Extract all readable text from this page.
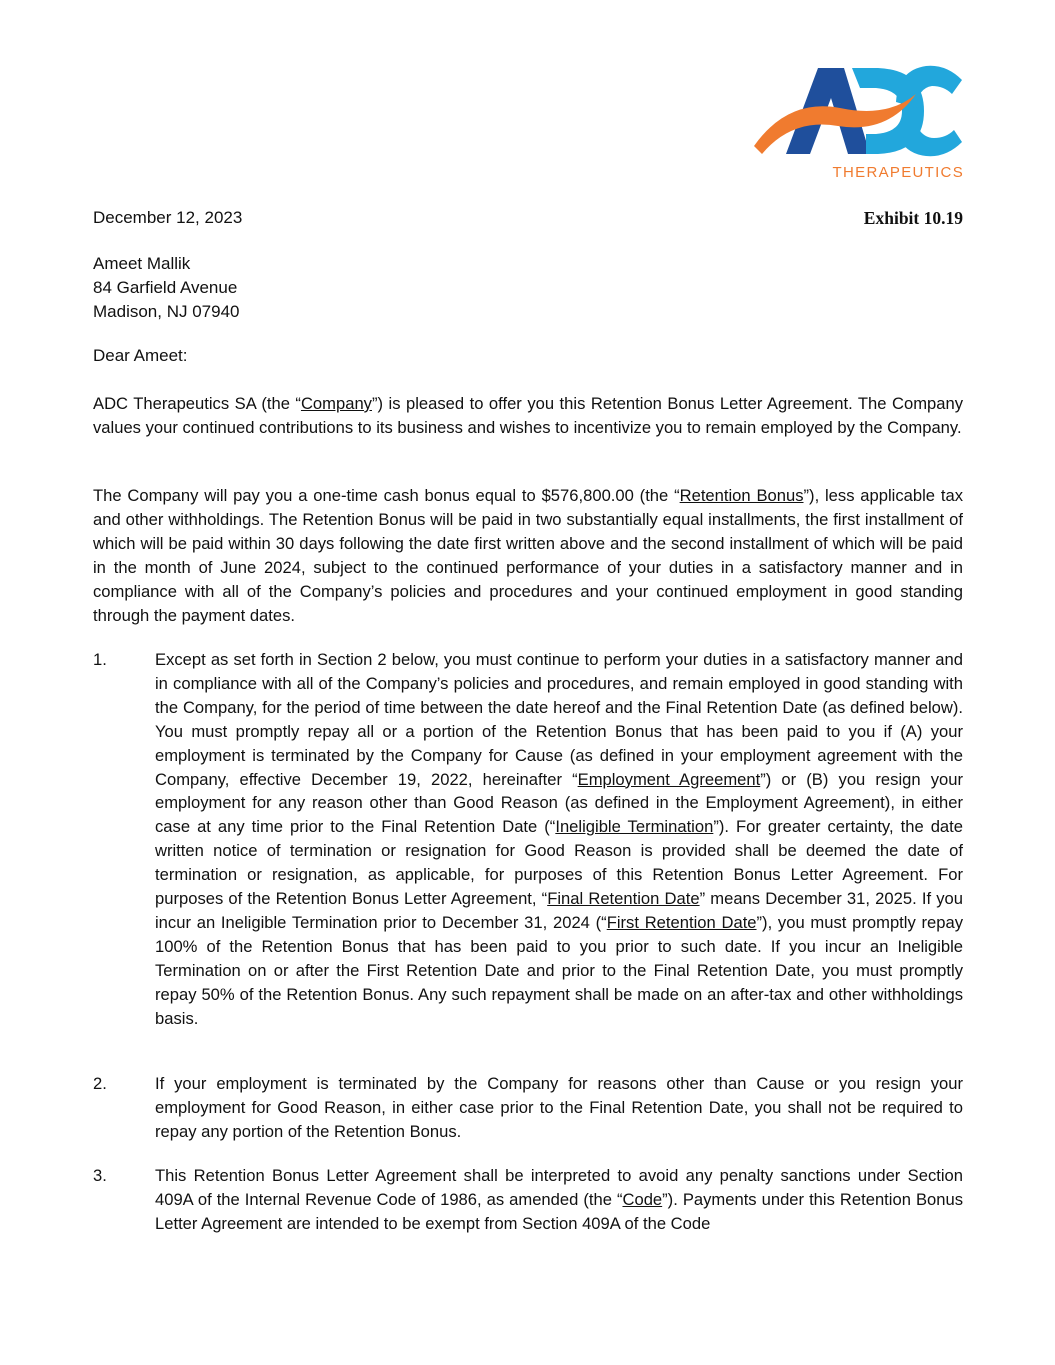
THERAPEUTICS
December 12, 2023	Exhibit 10.19
Ameet Mallik
84 Garfield Avenue
Madison, NJ 07940
Dear Ameet:
ADC Therapeutics SA (the “Company”) is pleased to offer you this Retention Bonus Letter Agreement. The Company values your continued contributions to its business and wishes to incentivize you to remain employed by the Company.
The Company will pay you a one-time cash bonus equal to $576,800.00 (the “Retention Bonus”), less applicable tax and other withholdings. The Retention Bonus will be paid in two substantially equal installments, the first installment of which will be paid within 30 days following the date first written above and the second installment of which will be paid in the month of June 2024, subject to the continued performance of your duties in a satisfactory manner and in compliance with all of the Company’s policies and procedures and your continued employment in good standing through the payment dates.
1.	Except as set forth in Section 2 below, you must continue to perform your duties in a satisfactory manner and in compliance with all of the Company’s policies and procedures, and remain employed in good standing with the Company, for the period of time between the date hereof and the Final Retention Date (as defined below). You must promptly repay all or a portion of the Retention Bonus that has been paid to you if (A) your employment is terminated by the Company for Cause (as defined in your employment agreement with the Company, effective December 19, 2022, hereinafter “Employment Agreement”) or (B) you resign your employment for any reason other than Good Reason (as defined in the Employment Agreement), in either case at any time prior to the Final Retention Date (“Ineligible Termination”). For greater certainty, the date written notice of termination or resignation for Good Reason is provided shall be deemed the date of termination or resignation, as applicable, for purposes of this Retention Bonus Letter Agreement. For purposes of the Retention Bonus Letter Agreement, “Final Retention Date” means December 31, 2025. If you incur an Ineligible Termination prior to December 31, 2024 (“First Retention Date”), you must promptly repay 100% of the Retention Bonus that has been paid to you prior to such date. If you incur an Ineligible Termination on or after the First Retention Date and prior to the Final Retention Date, you must promptly repay 50% of the Retention Bonus. Any such repayment shall be made on an after-tax and other withholdings basis.
2.	If your employment is terminated by the Company for reasons other than Cause or you resign your employment for Good Reason, in either case prior to the Final Retention Date, you shall not be required to repay any portion of the Retention Bonus.
3.	This Retention Bonus Letter Agreement shall be interpreted to avoid any penalty sanctions under Section 409A of the Internal Revenue Code of 1986, as amended (the “Code”). Payments under this Retention Bonus Letter Agreement are intended to be exempt from Section 409A of the Code
